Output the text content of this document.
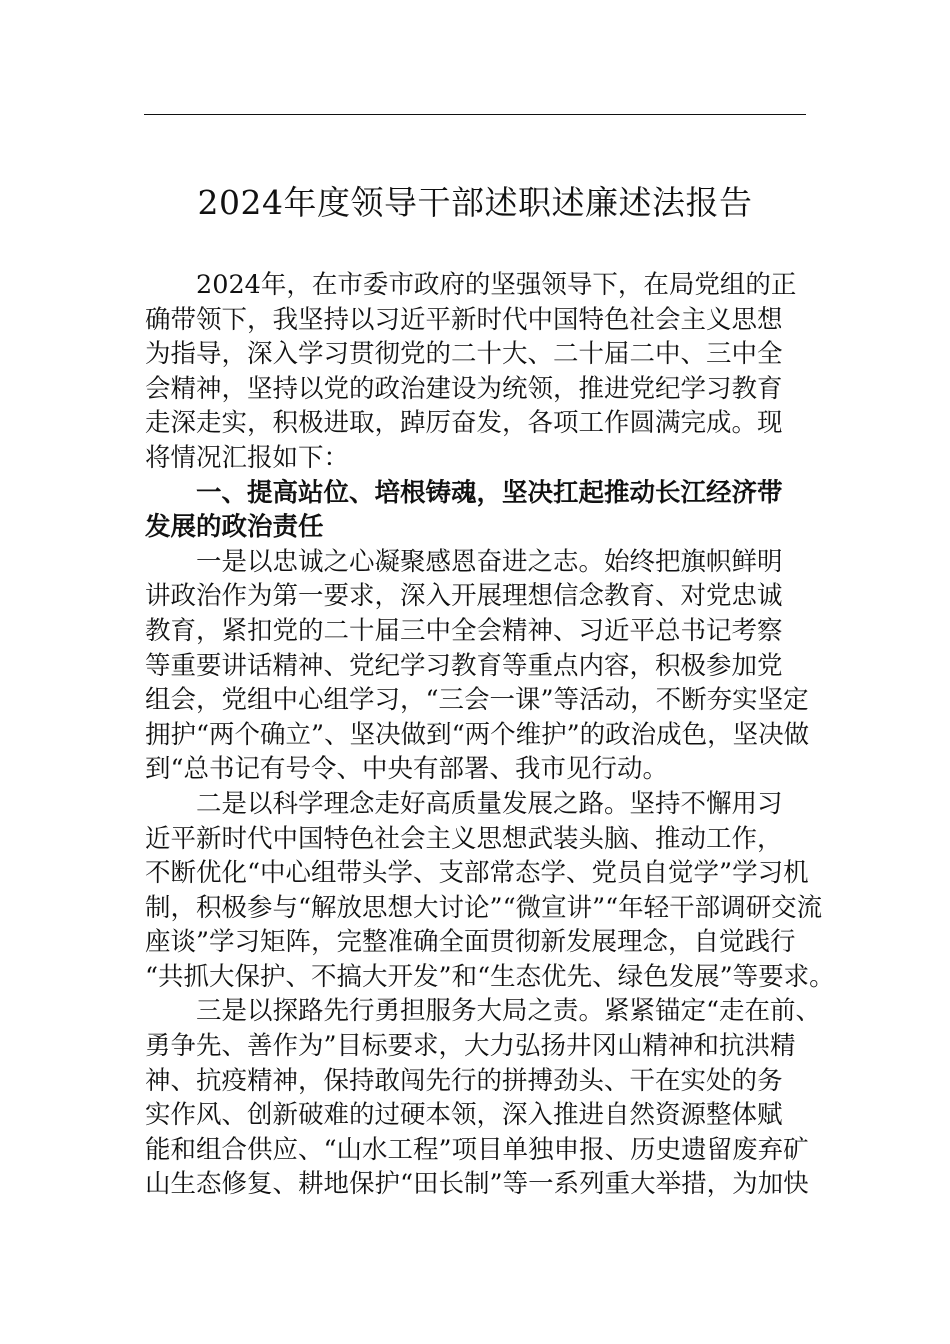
2024年度领导干部述职述廉述法报告
2024年，在市委市政府的坚强领导下，在局党组的正
确带领下，我坚持以习近平新时代中国特色社会主义思想
为指导，深入学习贯彻党的二十大、二十届二中、三中全
会精神，坚持以党的政治建设为统领，推进党纪学习教育
走深走实，积极进取，踔厉奋发，各项工作圆满完成。现
将情况汇报如下：
一、提高站位、培根铸魂，坚决扛起推动长江经济带
发展的政治责任
一是以忠诚之心凝聚感恩奋进之志。始终把旗帜鲜明
讲政治作为第一要求，深入开展理想信念教育、对党忠诚
教育，紧扣党的二十届三中全会精神、习近平总书记考察
等重要讲话精神、党纪学习教育等重点内容，积极参加党
组会，党组中心组学习，“三会一课”等活动，不断夯实坚定
拥护“两个确立”、坚决做到“两个维护”的政治成色，坚决做
到“总书记有号令、中央有部署、我市见行动。
二是以科学理念走好高质量发展之路。坚持不懈用习
近平新时代中国特色社会主义思想武装头脑、推动工作，
不断优化“中心组带头学、支部常态学、党员自觉学”学习机
制，积极参与“解放思想大讨论”“微宣讲”“年轻干部调研交流
座谈”学习矩阵，完整准确全面贯彻新发展理念，自觉践行
“共抓大保护、不搞大开发”和“生态优先、绿色发展”等要求。
三是以探路先行勇担服务大局之责。紧紧锚定“走在前、
勇争先、善作为”目标要求，大力弘扬井冈山精神和抗洪精
神、抗疫精神，保持敢闯先行的拼搏劲头、干在实处的务
实作风、创新破难的过硬本领，深入推进自然资源整体赋
能和组合供应、“山水工程”项目单独申报、历史遗留废弃矿
山生态修复、耕地保护“田长制”等一系列重大举措，为加快
